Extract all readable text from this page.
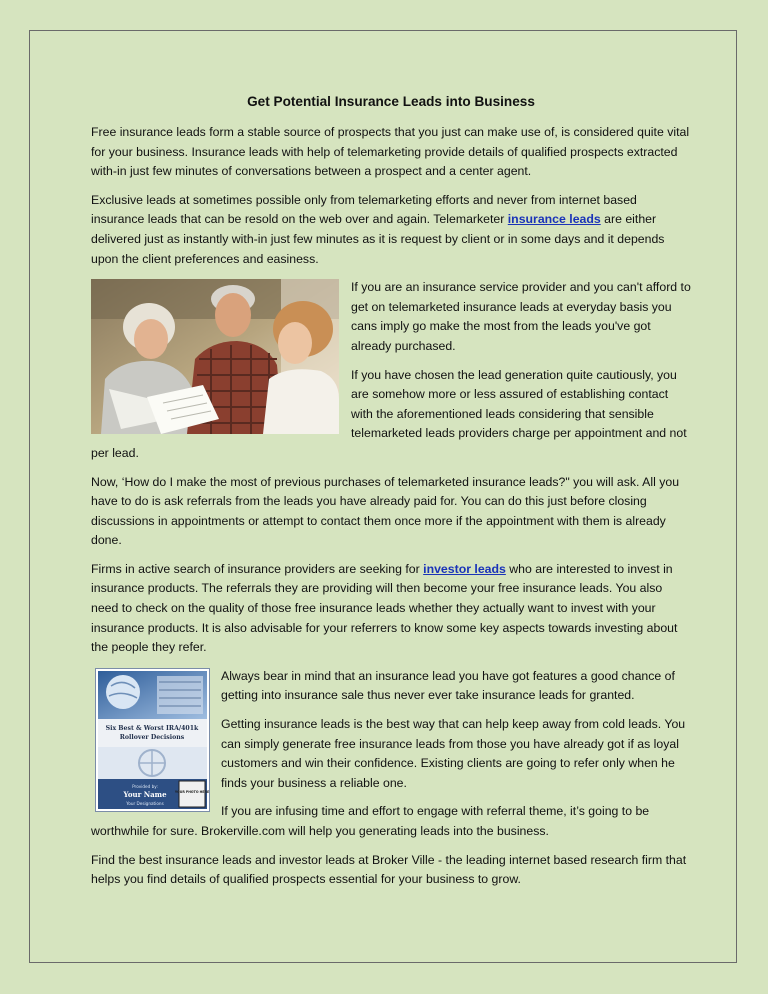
Get Potential Insurance Leads into Business

Free insurance leads form a stable source of prospects that you just can make use of, is considered quite vital for your business. Insurance leads with help of telemarketing provide details of qualified prospects extracted with-in just few minutes of conversations between a prospect and a center agent.

Exclusive leads at sometimes possible only from telemarketing efforts and never from internet based insurance leads that can be resold on the web over and again. Telemarketer insurance leads are either delivered just as instantly with-in just few minutes as it is request by client or in some days and it depends upon the client preferences and easiness.

If you are an insurance service provider and you can't afford to get on telemarketed insurance leads at everyday basis you cans imply go make the most from the leads you've got already purchased.

If you have chosen the lead generation quite cautiously, you are somehow more or less assured of establishing contact with the aforementioned leads considering that sensible telemarketed leads providers charge per appointment and not per lead.

Now, ‘How do I make the most of previous purchases of telemarketed insurance leads?" you will ask. All you have to do is ask referrals from the leads you have already paid for. You can do this just before closing discussions in appointments or attempt to contact them once more if the appointment with them is already done.

Firms in active search of insurance providers are seeking for investor leads who are interested to invest in insurance products. The referrals they are providing will then become your free insurance leads. You also need to check on the quality of those free insurance leads whether they actually want to invest with your insurance products. It is also advisable for your referrers to know some key aspects towards investing about the people they refer.

Six Best & Worst IRA/401k
Rollover Decisions
Provided by:
Your Name
Your Designations
YOUR PHOTO HERE
Always bear in mind that an insurance lead you have got features a good chance of getting into insurance sale thus never ever take insurance leads for granted.

Getting insurance leads is the best way that can help keep away from cold leads. You can simply generate free insurance leads from those you have already got if as loyal customers and win their confidence. Existing clients are going to refer only when he finds your business a reliable one.

If you are infusing time and effort to engage with referral theme, it’s going to be worthwhile for sure. Brokerville.com will help you generating leads into the business.

Find the best insurance leads and investor leads at Broker Ville - the leading internet based research firm that helps you find details of qualified prospects essential for your business to grow.
